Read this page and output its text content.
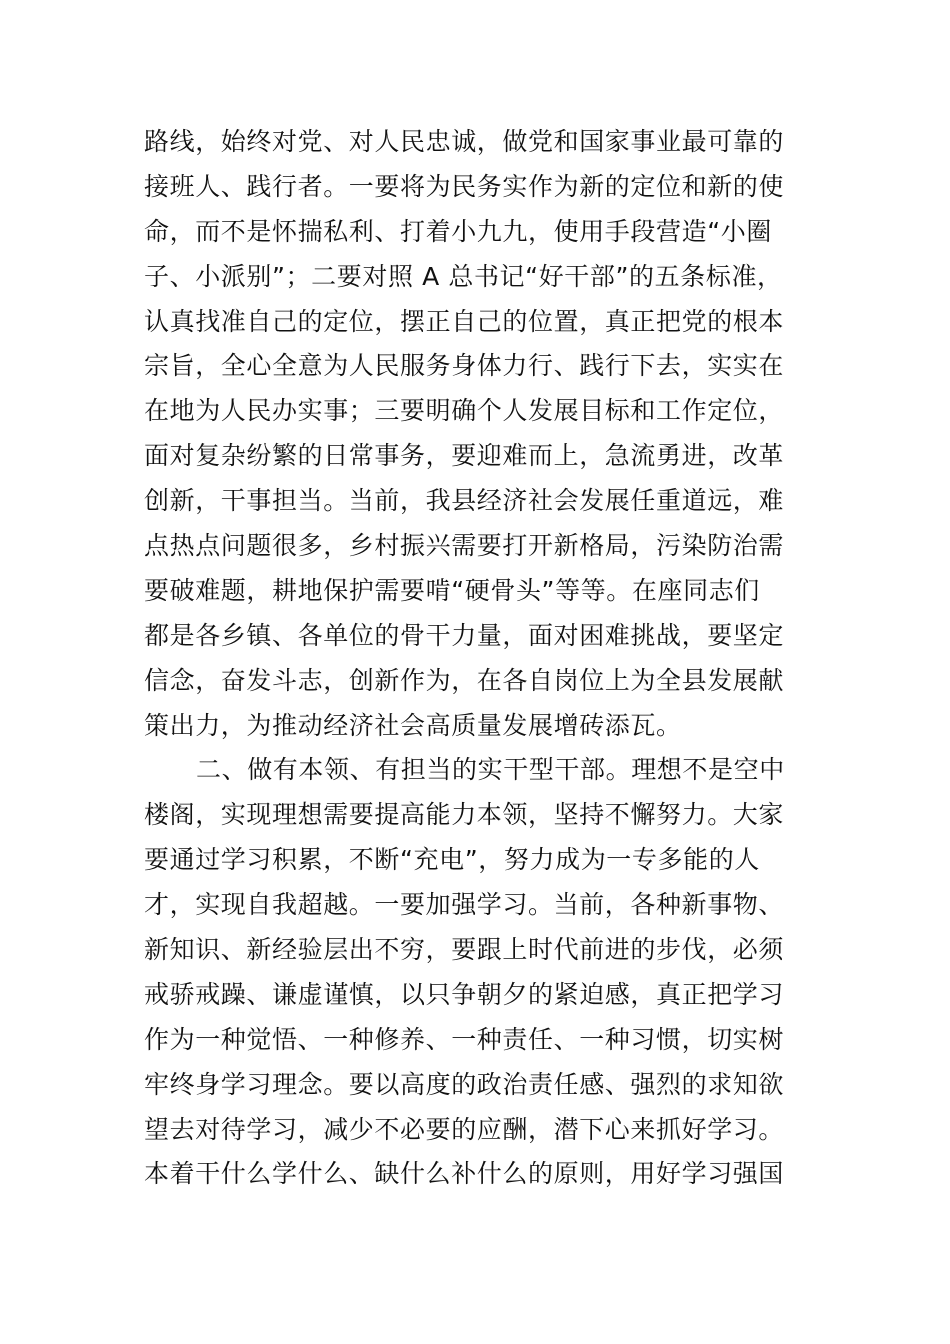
路线，始终对党、对人民忠诚，做党和国家事业最可靠的
接班人、践行者。一要将为民务实作为新的定位和新的使
命，而不是怀揣私利、打着小九九，使用手段营造“小圈
子、小派别”；二要对照 A 总书记“好干部”的五条标准，
认真找准自己的定位，摆正自己的位置，真正把党的根本
宗旨，全心全意为人民服务身体力行、践行下去，实实在
在地为人民办实事；三要明确个人发展目标和工作定位，
面对复杂纷繁的日常事务，要迎难而上，急流勇进，改革
创新，干事担当。当前，我县经济社会发展任重道远，难
点热点问题很多，乡村振兴需要打开新格局，污染防治需
要破难题，耕地保护需要啃“硬骨头”等等。在座同志们
都是各乡镇、各单位的骨干力量，面对困难挑战，要坚定
信念，奋发斗志，创新作为，在各自岗位上为全县发展献
策出力，为推动经济社会高质量发展增砖添瓦。
二、做有本领、有担当的实干型干部。理想不是空中
楼阁，实现理想需要提高能力本领，坚持不懈努力。大家
要通过学习积累，不断“充电”，努力成为一专多能的人
才，实现自我超越。一要加强学习。当前，各种新事物、
新知识、新经验层出不穷，要跟上时代前进的步伐，必须
戒骄戒躁、谦虚谨慎，以只争朝夕的紧迫感，真正把学习
作为一种觉悟、一种修养、一种责任、一种习惯，切实树
牢终身学习理念。要以高度的政治责任感、强烈的求知欲
望去对待学习，减少不必要的应酬，潜下心来抓好学习。
本着干什么学什么、缺什么补什么的原则，用好学习强国
